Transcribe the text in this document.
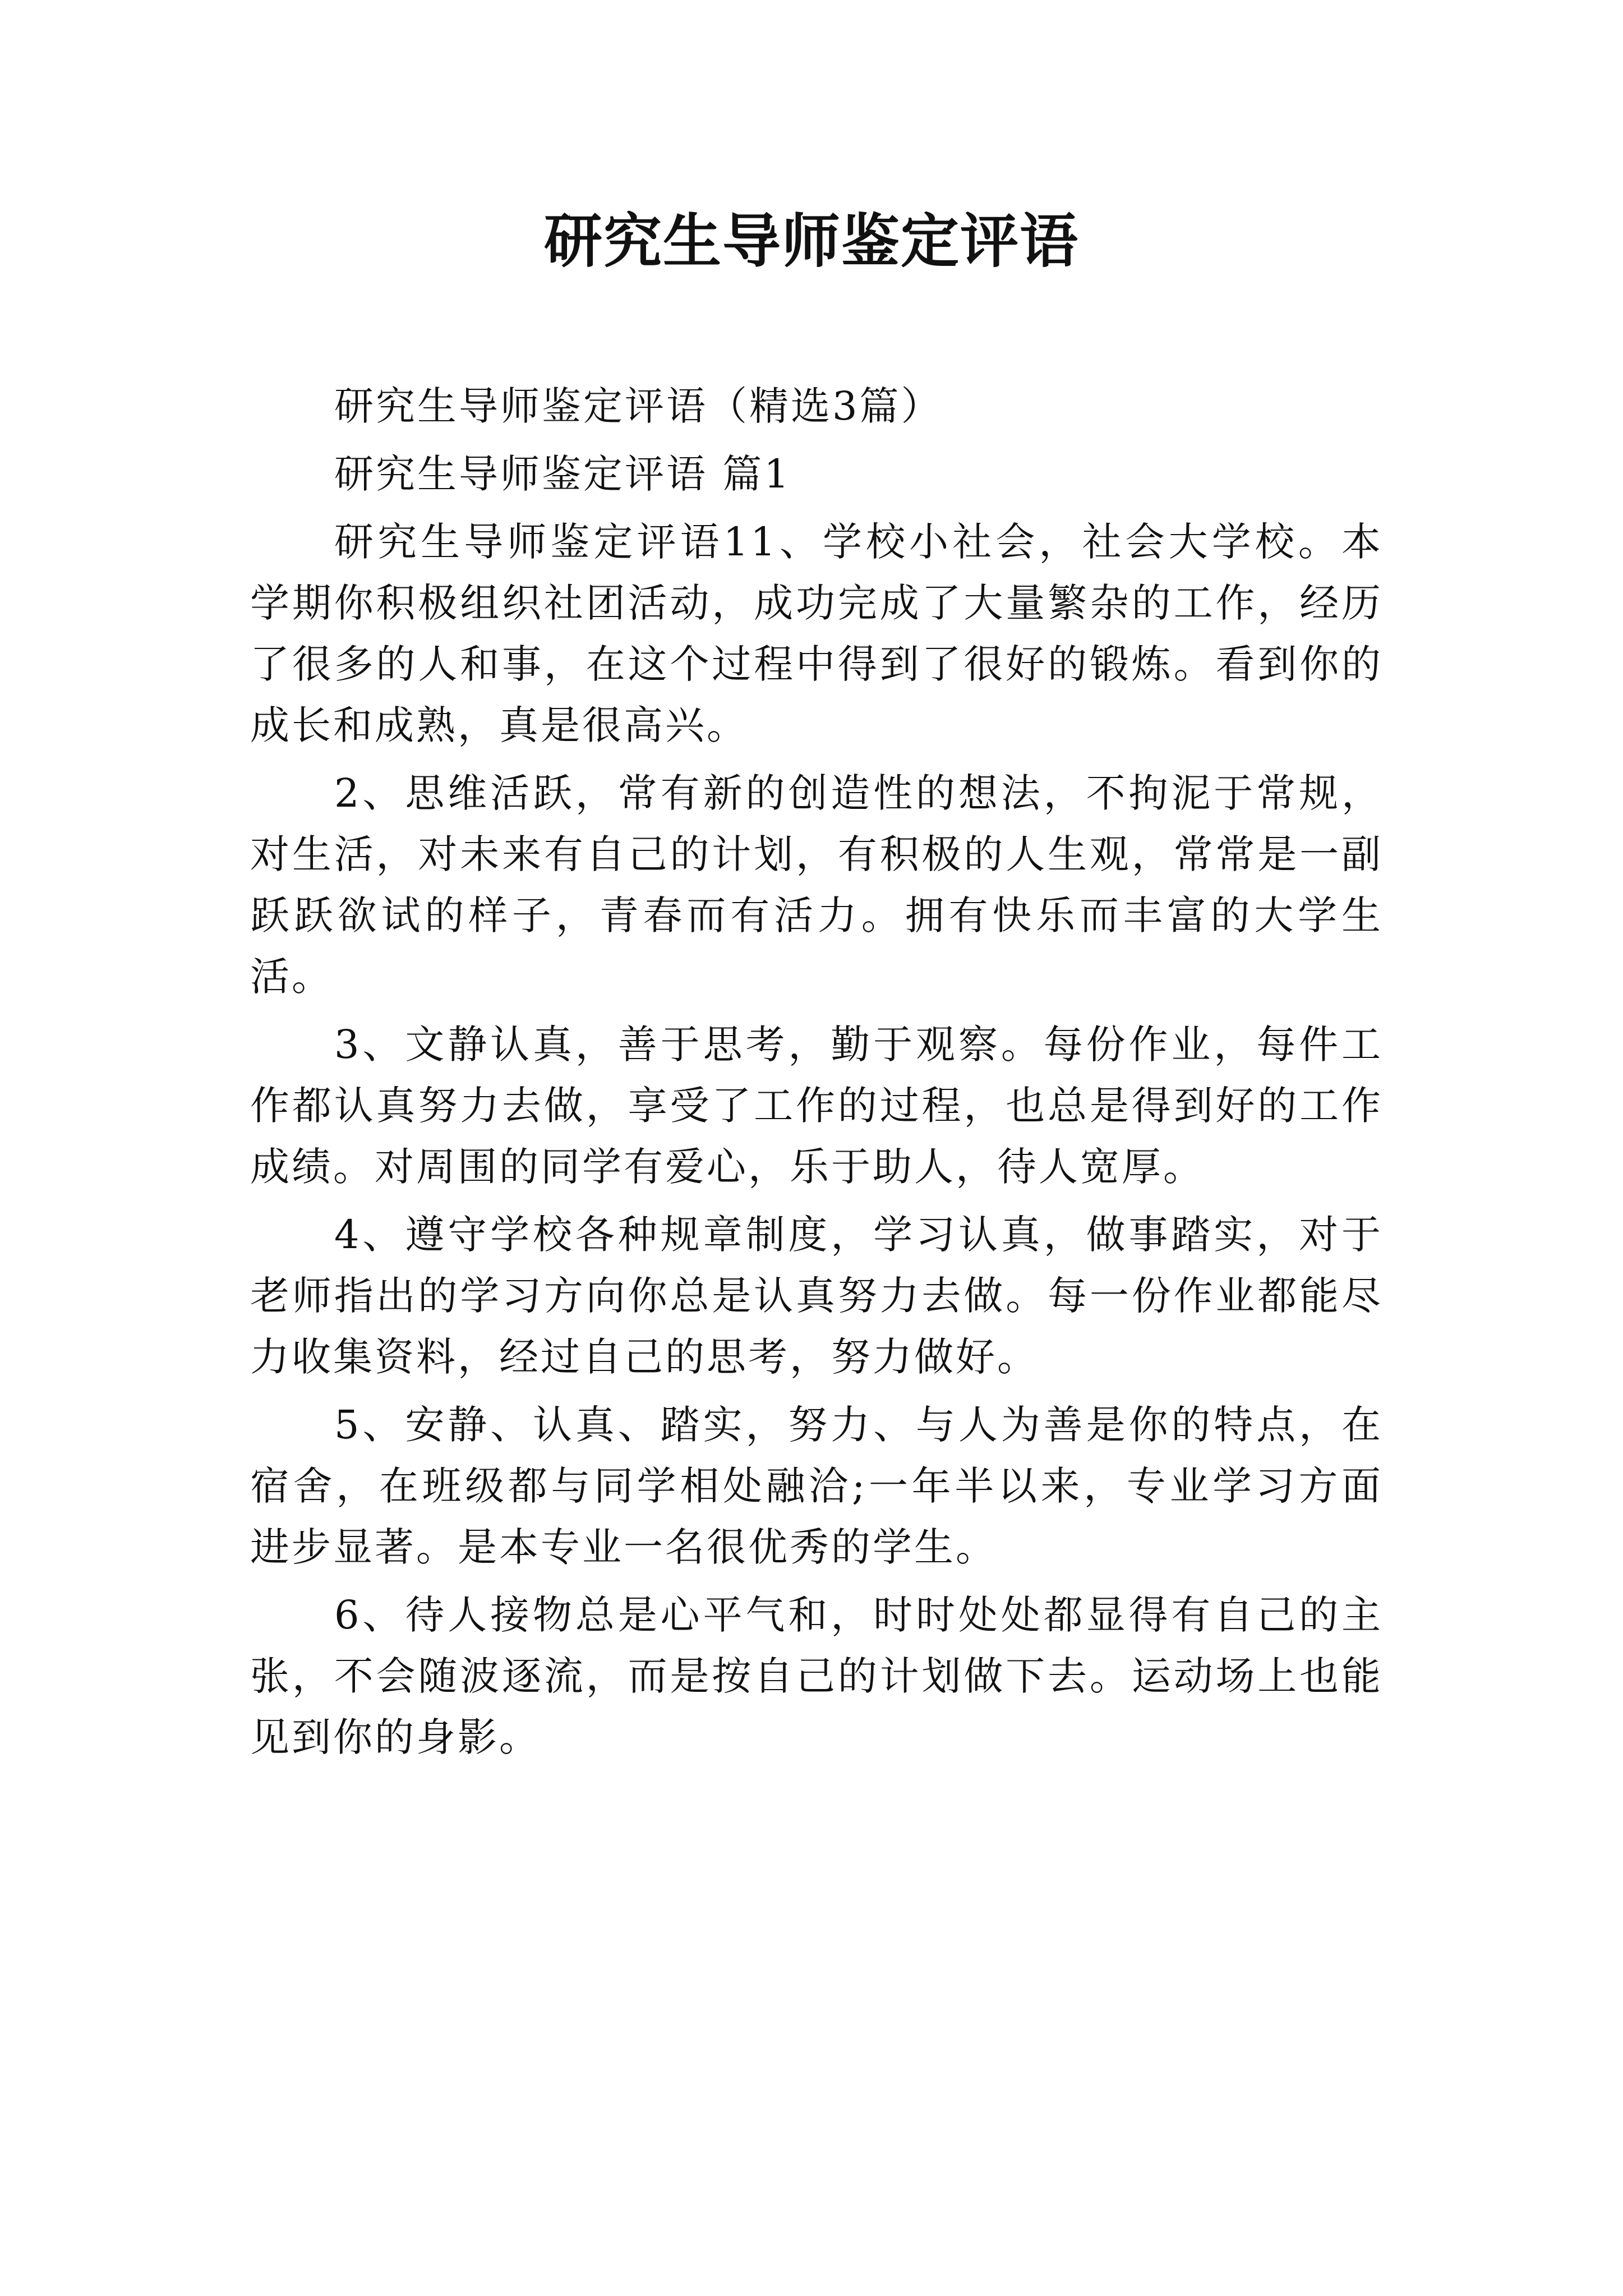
研究生导师鉴定评语

研究生导师鉴定评语（精选3篇）

研究生导师鉴定评语 篇1

研究生导师鉴定评语11、学校小社会，社会大学校。本学期你积极组织社团活动，成功完成了大量繁杂的工作，经历了很多的人和事，在这个过程中得到了很好的锻炼。看到你的成长和成熟，真是很高兴。

2、思维活跃，常有新的创造性的想法，不拘泥于常规，对生活，对未来有自己的计划，有积极的人生观，常常是一副跃跃欲试的样子，青春而有活力。拥有快乐而丰富的大学生活。

3、文静认真，善于思考，勤于观察。每份作业，每件工作都认真努力去做，享受了工作的过程，也总是得到好的工作成绩。对周围的同学有爱心，乐于助人，待人宽厚。

4、遵守学校各种规章制度，学习认真，做事踏实，对于老师指出的学习方向你总是认真努力去做。每一份作业都能尽力收集资料，经过自己的思考，努力做好。

5、安静、认真、踏实，努力、与人为善是你的特点，在宿舍，在班级都与同学相处融洽;一年半以来，专业学习方面进步显著。是本专业一名很优秀的学生。

6、待人接物总是心平气和，时时处处都显得有自己的主张，不会随波逐流，而是按自己的计划做下去。运动场上也能见到你的身影。
